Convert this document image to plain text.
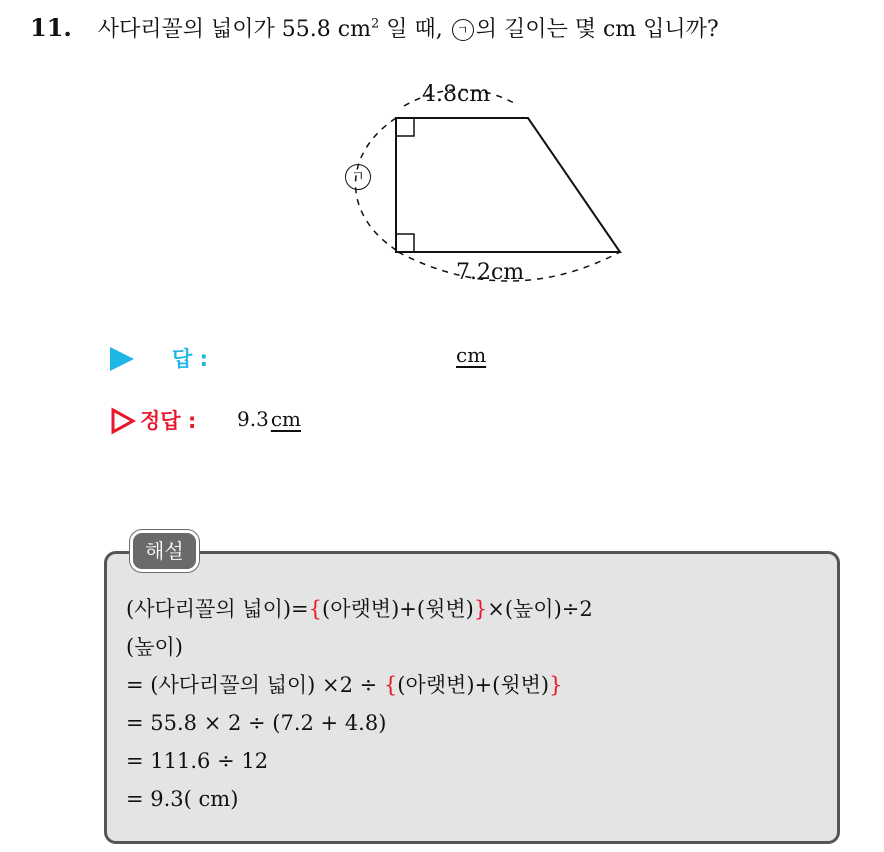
11. 사다리꼴의 넓이가 55.8 $cm^2$ 일 때, ㄱ 의 길이는 몇 cm 입니까?
4.8cm
ㄱ
7.2cm
답 :	cm
정답 : 9.3 cm
해설
(사다리꼴의 넓이)={(아랫변)+(윗변)}×(높이)÷2
(높이)
= (사다리꼴의 넓이) ×2 ÷ {(아랫변)+(윗변)}
= 55.8 × 2 ÷ (7.2 + 4.8)
= 111.6 ÷ 12
= 9.3( cm)
